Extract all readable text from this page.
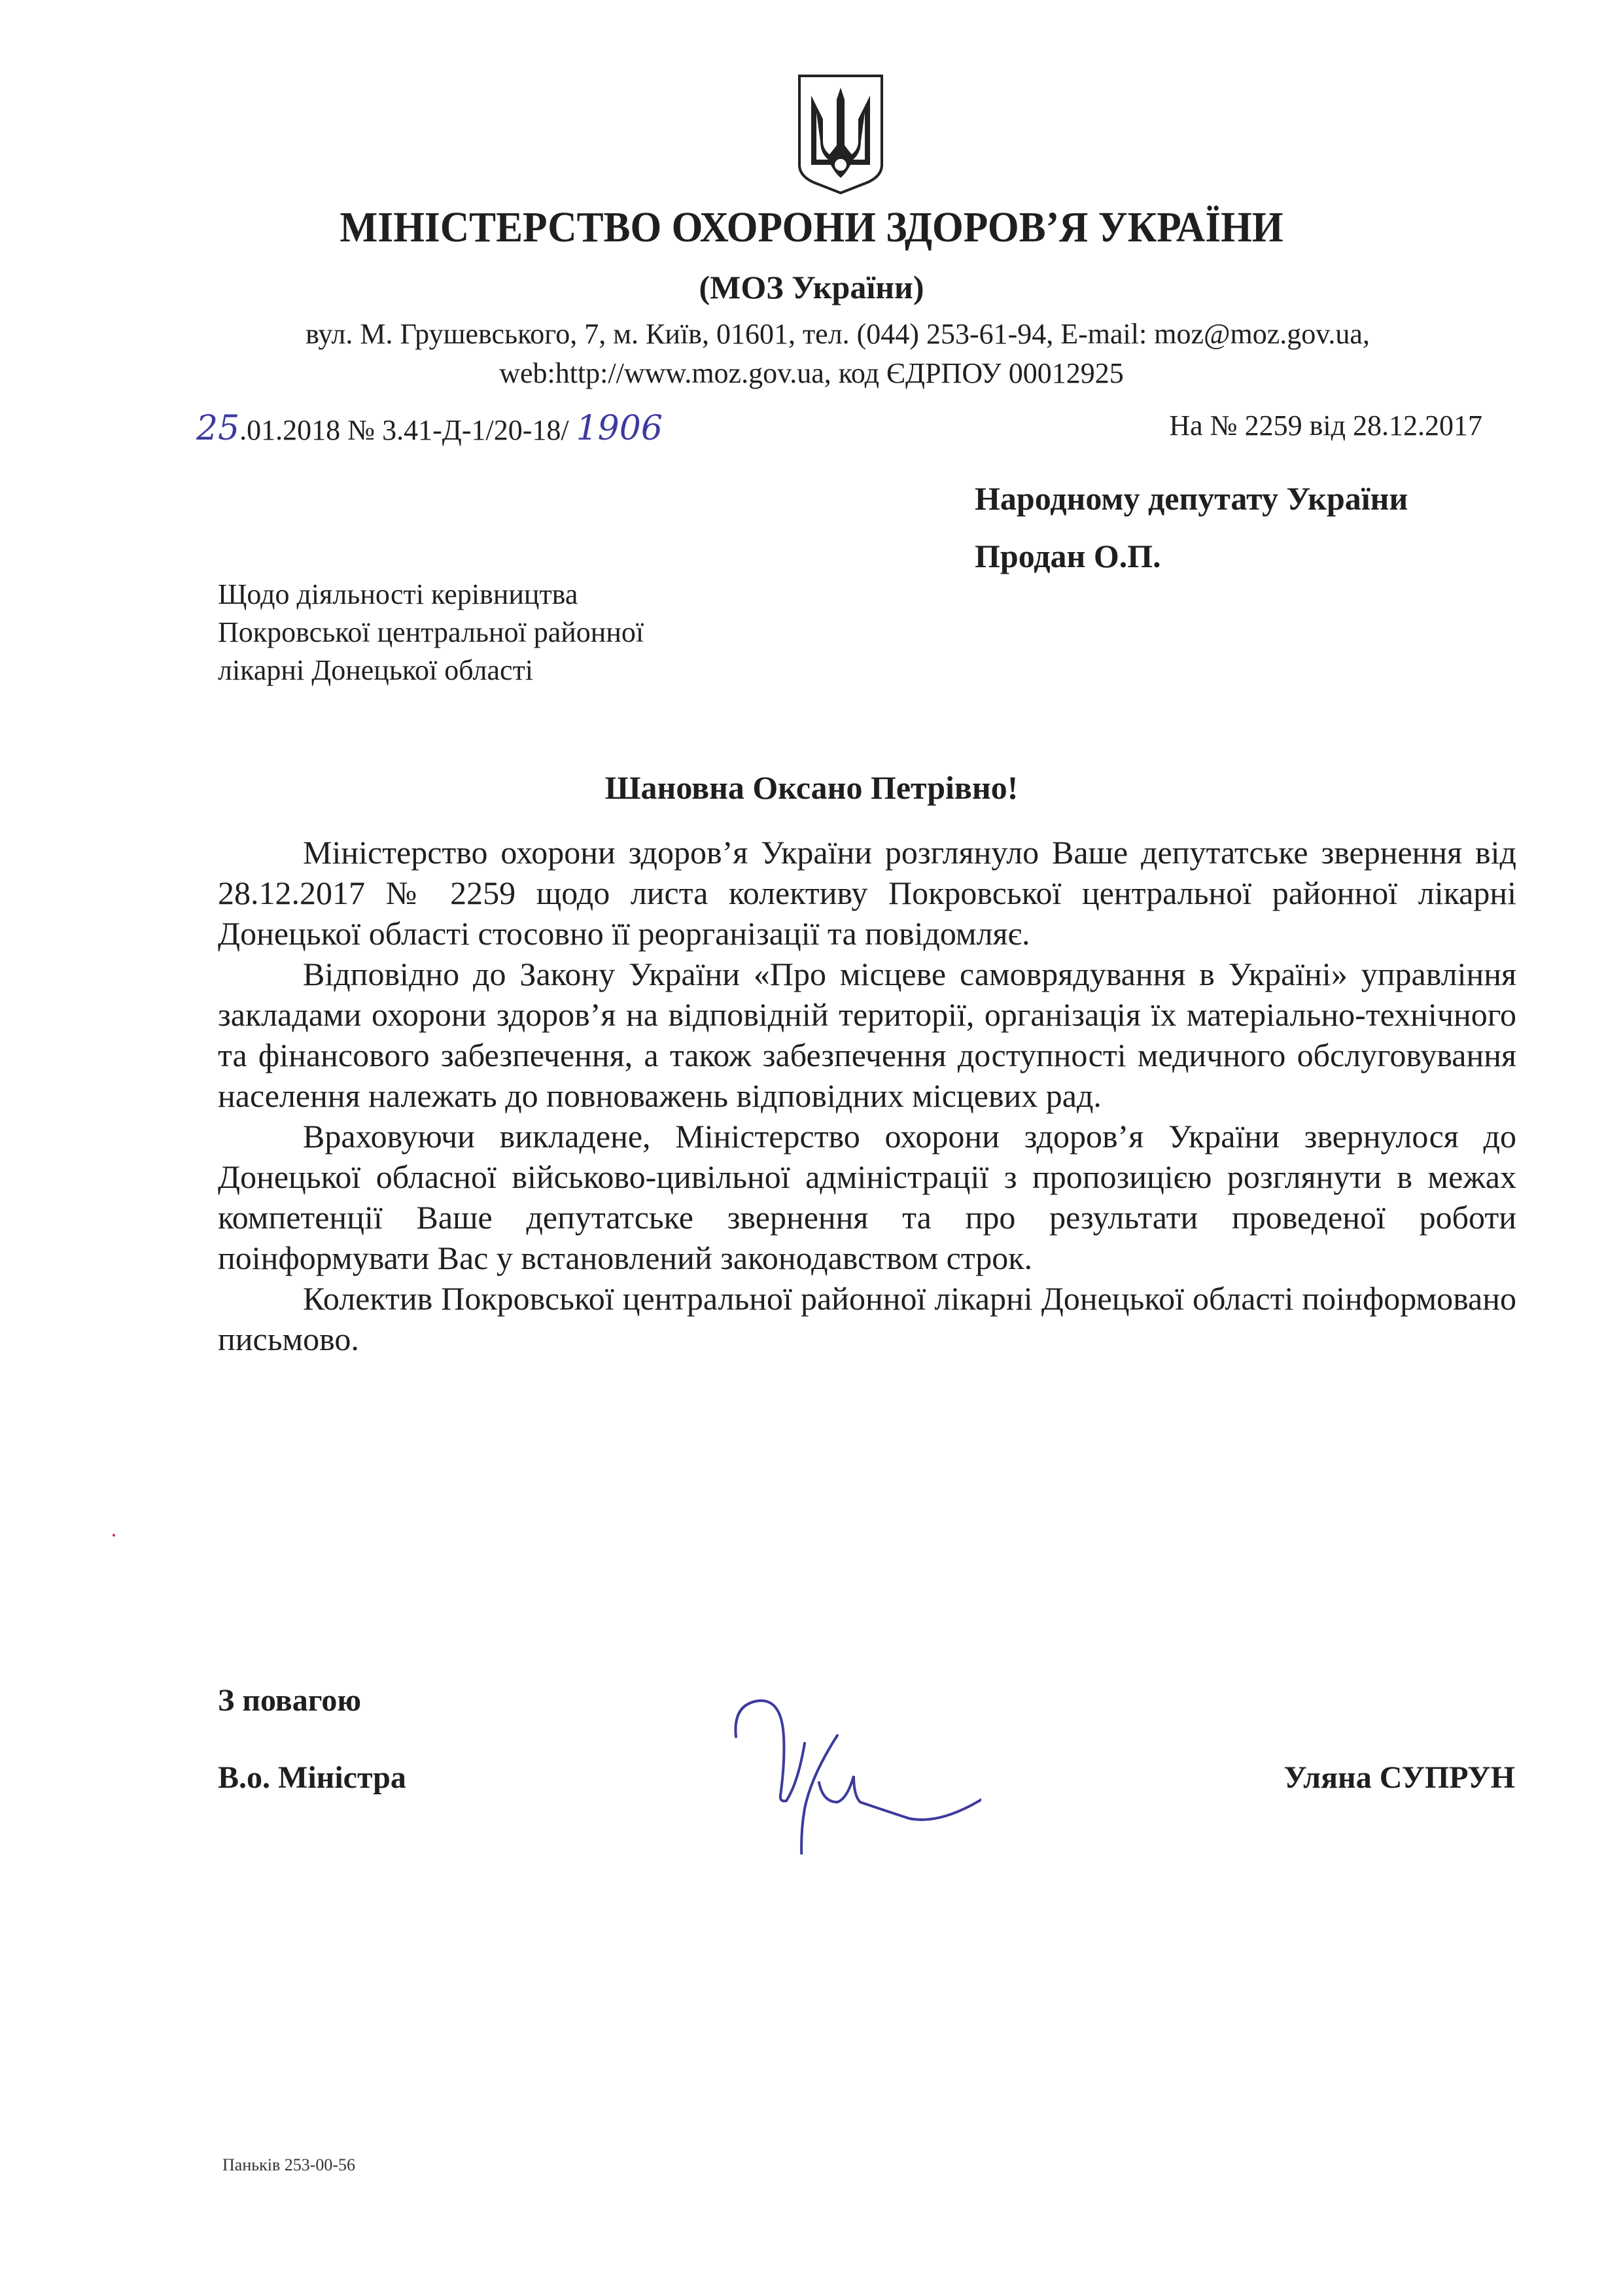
МІНІСТЕРСТВО ОХОРОНИ ЗДОРОВ’Я УКРАЇНИ
(МОЗ України)
вул. М. Грушевського, 7, м. Київ, 01601, тел. (044) 253-61-94, E-mail: moz@moz.gov.ua,
web:http://www.moz.gov.ua, код ЄДРПОУ 00012925
25.01.2018 № 3.41-Д-1/20-18/ 1906	На № 2259 від 28.12.2017
Народному депутату України
Продан О.П.
Щодо діяльності керівництва
Покровської центральної районної
лікарні Донецької області
Шановна Оксано Петрівно!

Міністерство охорони здоров’я України розглянуло Ваше депутатське звернення від 28.12.2017 № 2259 щодо листа колективу Покровської центральної районної лікарні Донецької області стосовно її реорганізації та повідомляє.

Відповідно до Закону України «Про місцеве самоврядування в Україні» управління закладами охорони здоров’я на відповідній території, організація їх матеріально-технічного та фінансового забезпечення, а також забезпечення доступності медичного обслуговування населення належать до повноважень відповідних місцевих рад.

Враховуючи викладене, Міністерство охорони здоров’я України звернулося до Донецької обласної військово-цивільної адміністрації з пропозицією розглянути в межах компетенції Ваше депутатське звернення та про результати проведеної роботи поінформувати Вас у встановлений законодавством строк.

Колектив Покровської центральної районної лікарні Донецької області поінформовано письмово.

З повагою
В.о. Міністра	Уляна СУПРУН
Паньків 253-00-56
